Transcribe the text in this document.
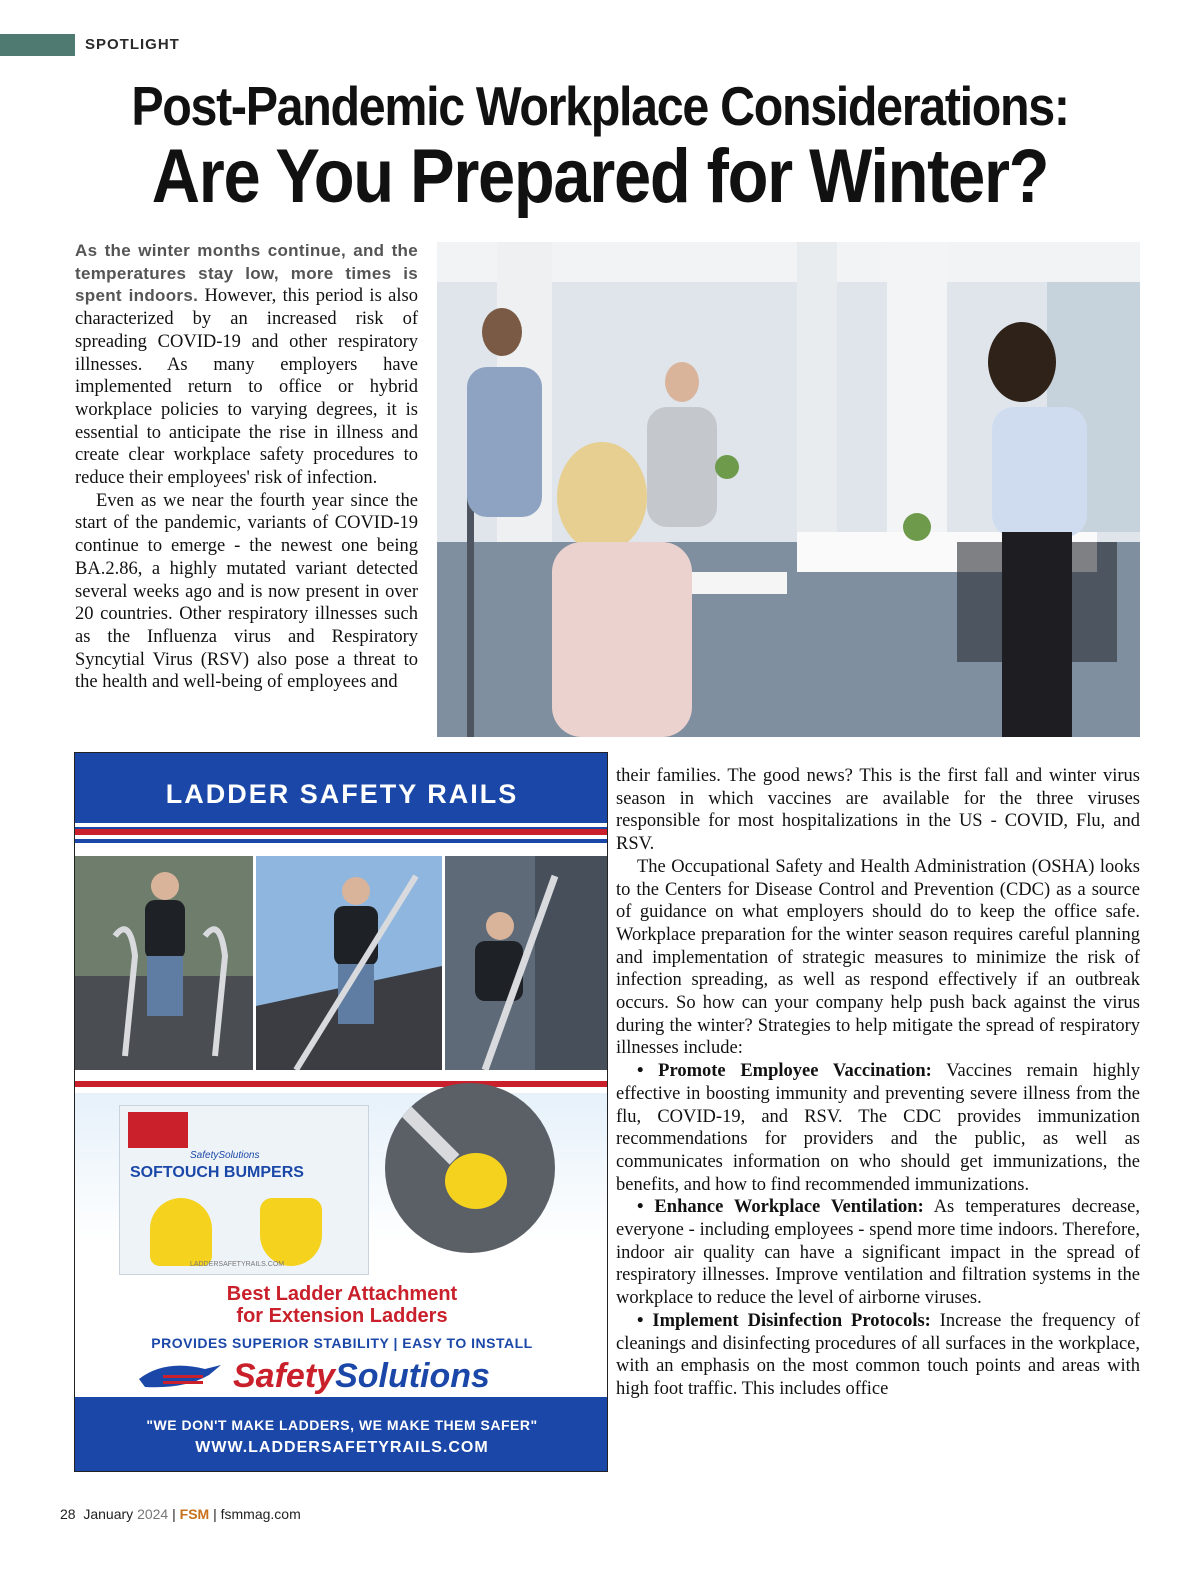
SPOTLIGHT
Post-Pandemic Workplace Considerations:
Are You Prepared for Winter?

As the winter months continue, and the temperatures stay low, more times is spent indoors. However, this period is also characterized by an increased risk of spreading COVID-19 and other respiratory illnesses. As many employers have implemented return to office or hybrid workplace policies to varying degrees, it is essential to anticipate the rise in illness and create clear workplace safety procedures to reduce their employees' risk of infection.

Even as we near the fourth year since the start of the pandemic, variants of COVID-19 continue to emerge - the newest one being BA.2.86, a highly mutated variant detected several weeks ago and is now present in over 20 countries. Other respiratory illnesses such as the Influenza virus and Respiratory Syncytial Virus (RSV) also pose a threat to the health and well-being of employees and

LADDER SAFETY RAILS
SafetySolutions
SOFTOUCH BUMPERS
LADDERSAFETYRAILS.COM
Best Ladder Attachment
for Extension Ladders
PROVIDES SUPERIOR STABILITY | EASY TO INSTALL
SafetySolutions
"WE DON'T MAKE LADDERS, WE MAKE THEM SAFER"
WWW.LADDERSAFETYRAILS.COM

their families. The good news? This is the first fall and winter virus season in which vaccines are available for the three viruses responsible for most hospitalizations in the US - COVID, Flu, and RSV.

The Occupational Safety and Health Administration (OSHA) looks to the Centers for Disease Control and Prevention (CDC) as a source of guidance on what employers should do to keep the office safe. Workplace preparation for the winter season requires careful planning and implementation of strategic measures to minimize the risk of infection spreading, as well as respond effectively if an outbreak occurs. So how can your company help push back against the virus during the winter? Strategies to help mitigate the spread of respiratory illnesses include:

• Promote Employee Vaccination: Vaccines remain highly effective in boosting immunity and preventing severe illness from the flu, COVID-19, and RSV. The CDC provides immunization recommendations for providers and the public, as well as communicates information on who should get immunizations, the benefits, and how to find recommended immunizations.

• Enhance Workplace Ventilation: As temperatures decrease, everyone - including employees - spend more time indoors. Therefore, indoor air quality can have a significant impact in the spread of respiratory illnesses. Improve ventilation and filtration systems in the workplace to reduce the level of airborne viruses.

• Implement Disinfection Protocols: Increase the frequency of cleanings and disinfecting procedures of all surfaces in the workplace, with an emphasis on the most common touch points and areas with high foot traffic. This includes office

28 January 2024 | FSM | fsmmag.com
